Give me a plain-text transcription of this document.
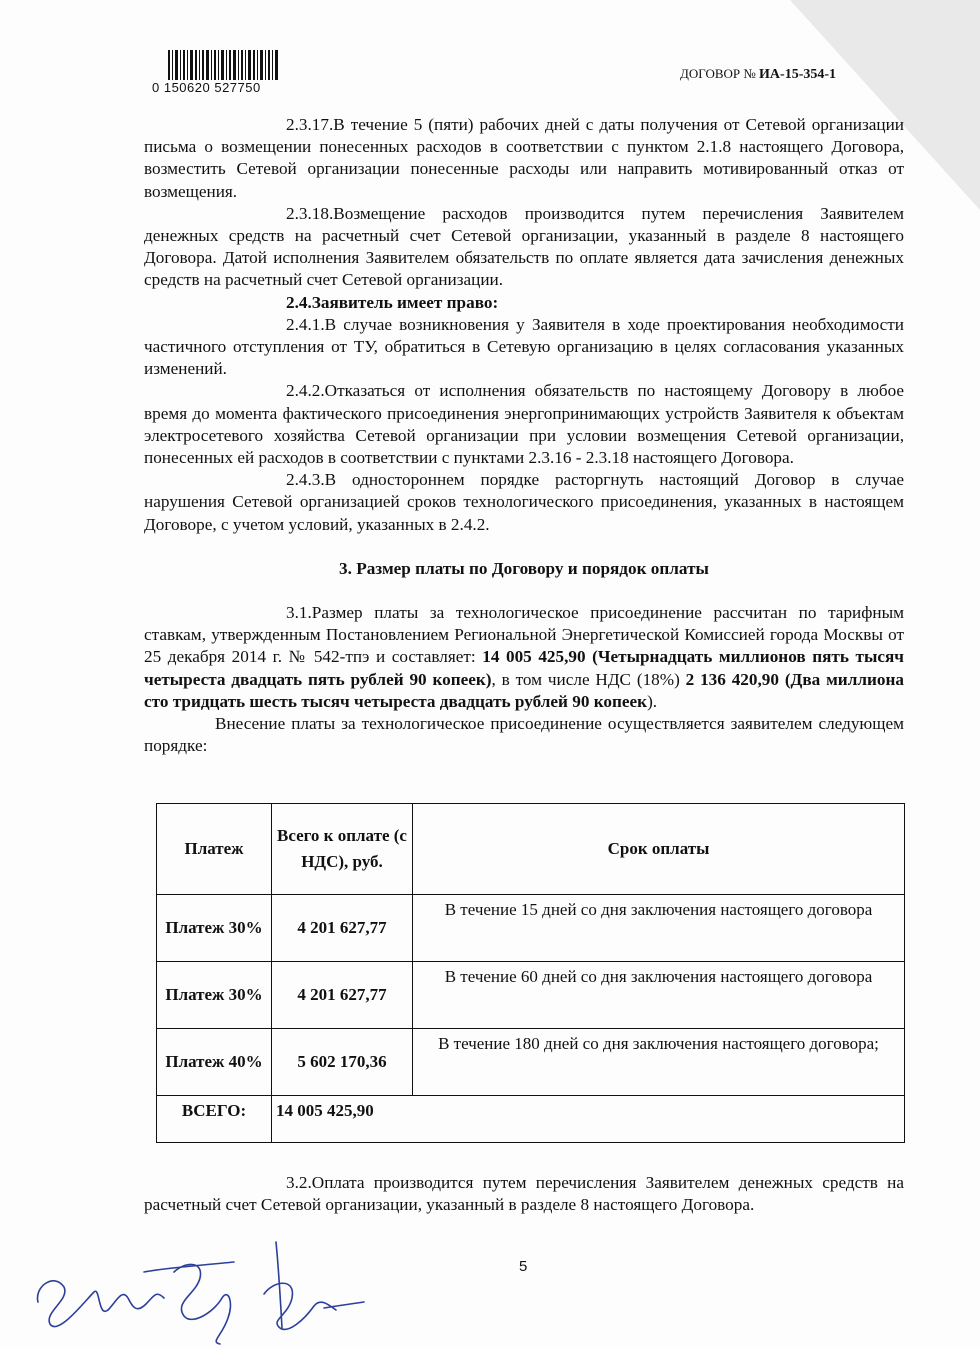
0 150620 527750
ДОГОВОР № ИА-15-354-1

2.3.17.В течение 5 (пяти) рабочих дней с даты получения от Сетевой организации письма о возмещении понесенных расходов в соответствии с пунктом 2.1.8 настоящего Договора, возместить Сетевой организации понесенные расходы или направить мотивированный отказ от возмещения.

2.3.18.Возмещение расходов производится путем перечисления Заявителем денежных средств на расчетный счет Сетевой организации, указанный в разделе 8 настоящего Договора. Датой исполнения Заявителем обязательств по оплате является дата зачисления денежных средств на расчетный счет Сетевой организации.

2.4.Заявитель имеет право:

2.4.1.В случае возникновения у Заявителя в ходе проектирования необходимости частичного отступления от ТУ, обратиться в Сетевую организацию в целях согласования указанных изменений.

2.4.2.Отказаться от исполнения обязательств по настоящему Договору в любое время до момента фактического присоединения энергопринимающих устройств Заявителя к объектам электросетевого хозяйства Сетевой организации при условии возмещения Сетевой организации, понесенных ей расходов в соответствии с пунктами 2.3.16 - 2.3.18 настоящего Договора.

2.4.3.В одностороннем порядке расторгнуть настоящий Договор в случае нарушения Сетевой организацией сроков технологического присоединения, указанных в настоящем Договоре, с учетом условий, указанных в 2.4.2.

3. Размер платы по Договору и порядок оплаты

3.1.Размер платы за технологическое присоединение рассчитан по тарифным ставкам, утвержденным Постановлением Региональной Энергетической Комиссией города Москвы от 25 декабря 2014 г. № 542-тпэ и составляет: 14 005 425,90 (Четырнадцать миллионов пять тысяч четыреста двадцать пять рублей 90 копеек), в том числе НДС (18%) 2 136 420,90 (Два миллиона сто тридцать шесть тысяч четыреста двадцать рублей 90 копеек).

Внесение платы за технологическое присоединение осуществляется заявителем следующем порядке:

Платеж	Всего к оплате (с НДС), руб.	Срок оплаты
Платеж 30%	4 201 627,77	В течение 15 дней со дня заключения настоящего договора
Платеж 30%	4 201 627,77	В течение 60 дней со дня заключения настоящего договора
Платеж 40%	5 602 170,36	В течение 180 дней со дня заключения настоящего договора;
ВСЕГО:	14 005 425,90	

3.2.Оплата производится путем перечисления Заявителем денежных средств на расчетный счет Сетевой организации, указанный в разделе 8 настоящего Договора.

5
